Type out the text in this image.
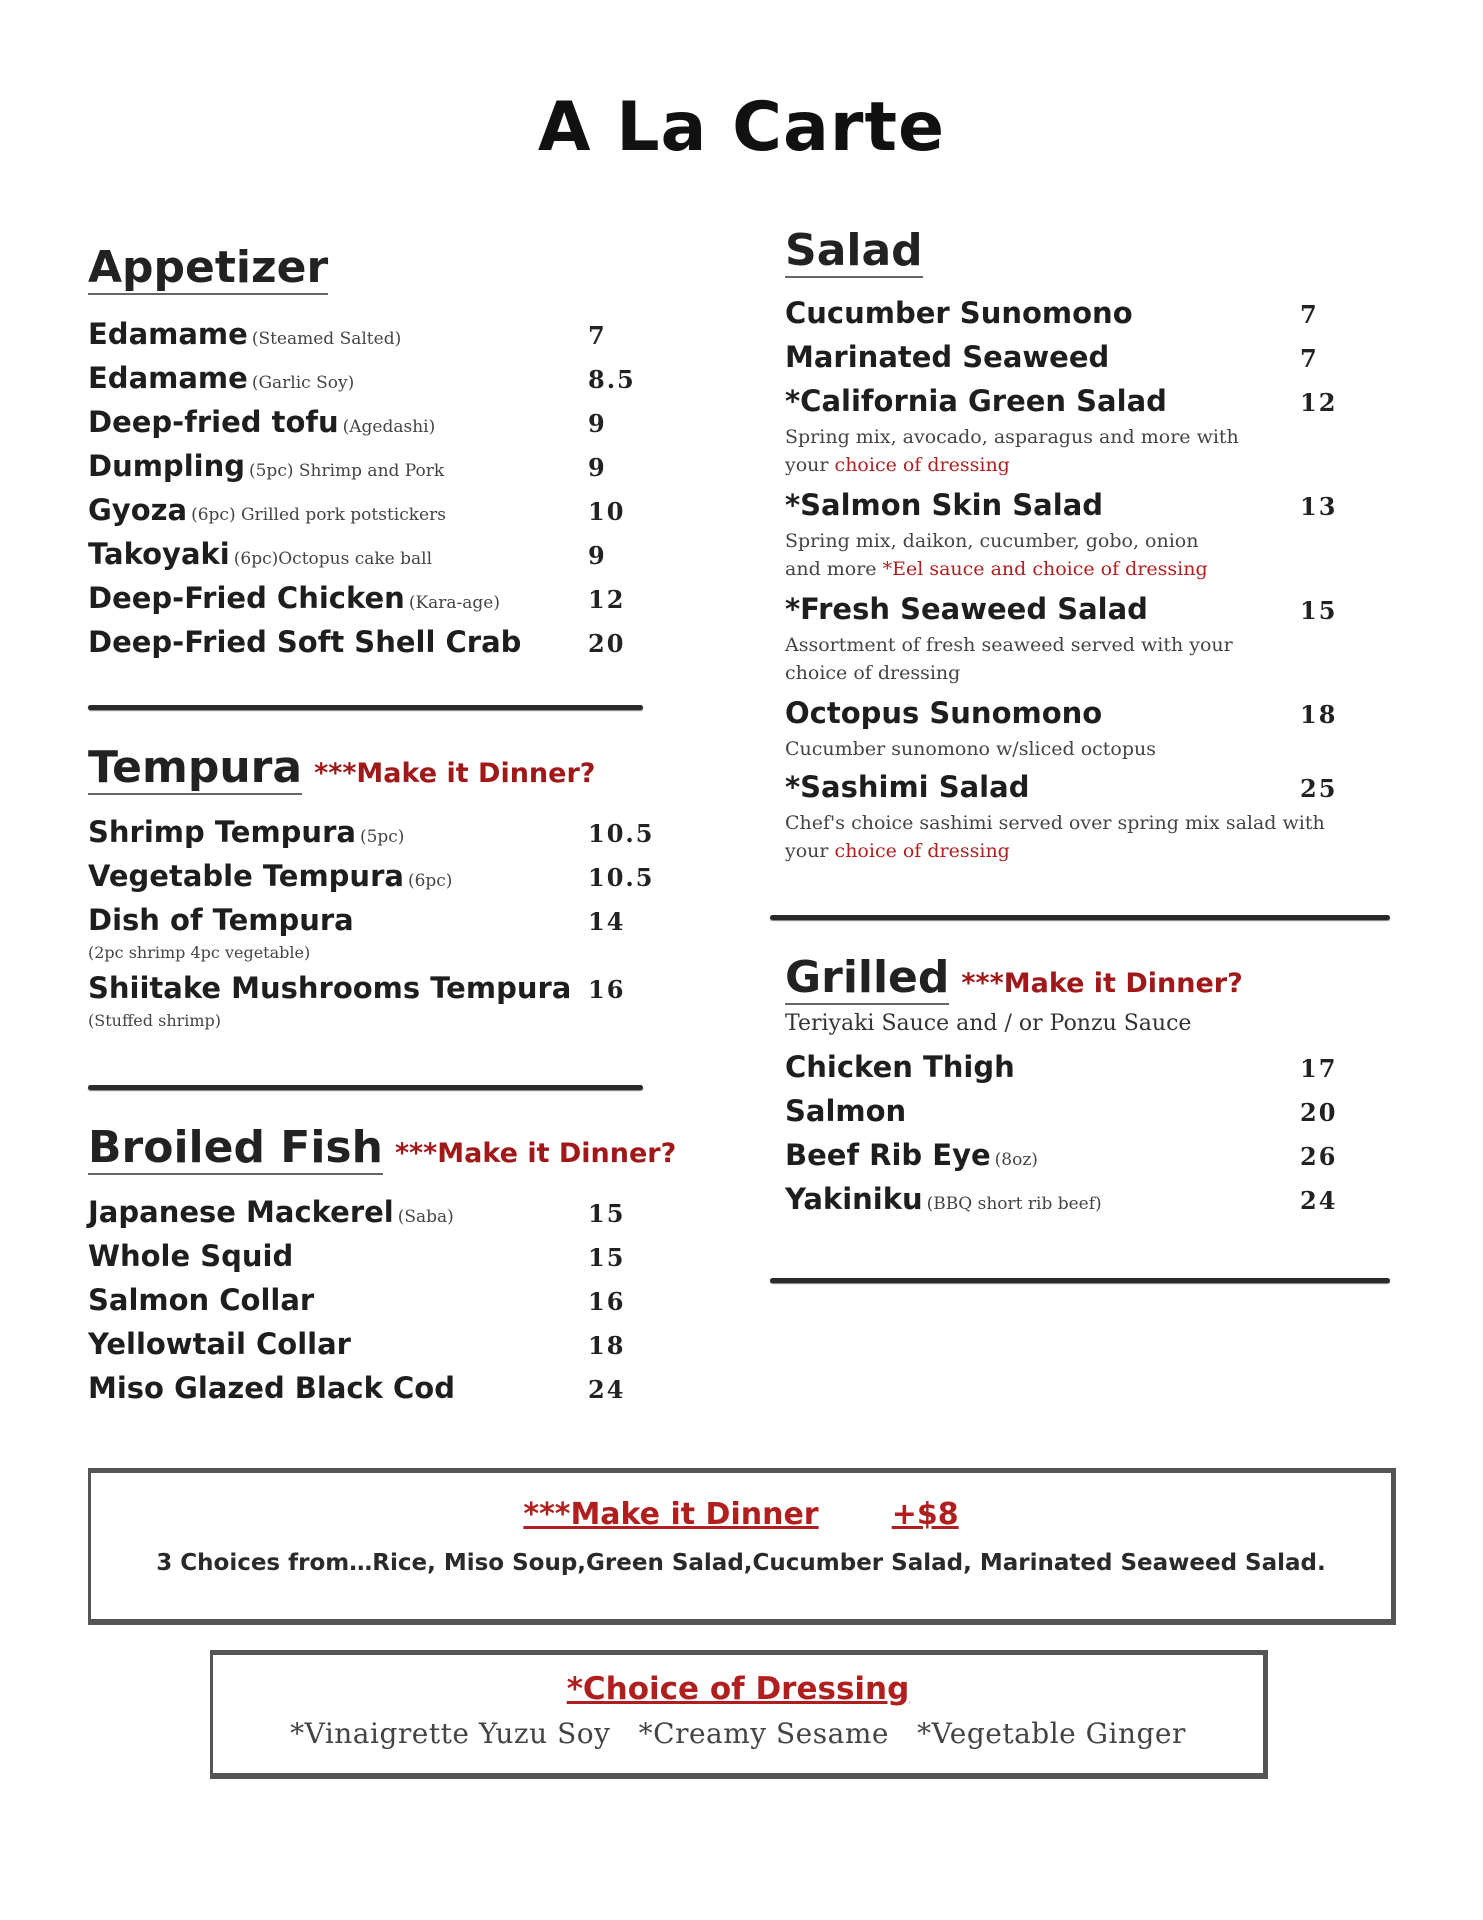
A La Carte
Appetizer
Edamame (Steamed Salted)	7
Edamame (Garlic Soy)	8.5
Deep-fried tofu (Agedashi)	9
Dumpling (5pc) Shrimp and Pork	9
Gyoza (6pc) Grilled pork potstickers	10
Takoyaki (6pc)Octopus cake ball	9
Deep-Fried Chicken (Kara-age)	12
Deep-Fried Soft Shell Crab	20
Tempura ***Make it Dinner?
Shrimp Tempura (5pc)	10.5
Vegetable Tempura (6pc)	10.5
Dish of Tempura	14
(2pc shrimp 4pc vegetable)
Shiitake Mushrooms Tempura 16
(Stuffed shrimp)
Broiled Fish ***Make it Dinner?
Japanese Mackerel (Saba)	15
Whole Squid	15
Salmon Collar	16
Yellowtail Collar	18
Miso Glazed Black Cod	24
Salad
Cucumber Sunomono	7
Marinated Seaweed	7
*California Green Salad	12
Spring mix, avocado, asparagus and more with
your choice of dressing
*Salmon Skin Salad	13
Spring mix, daikon, cucumber, gobo, onion
and more *Eel sauce and choice of dressing
*Fresh Seaweed Salad	15
Assortment of fresh seaweed served with your
choice of dressing
Octopus Sunomono	18
Cucumber sunomono w/sliced octopus
*Sashimi Salad	25
Chef's choice sashimi served over spring mix salad with
your choice of dressing
Grilled ***Make it Dinner?
Teriyaki Sauce and / or Ponzu Sauce
Chicken Thigh	17
Salmon	20
Beef Rib Eye (8oz)	26
Yakiniku (BBQ short rib beef)	24
***Make it Dinner +$8
3 Choices from…Rice, Miso Soup,Green Salad,Cucumber Salad, Marinated Seaweed Salad.
*Choice of Dressing
*Vinaigrette Yuzu Soy *Creamy Sesame *Vegetable Ginger
